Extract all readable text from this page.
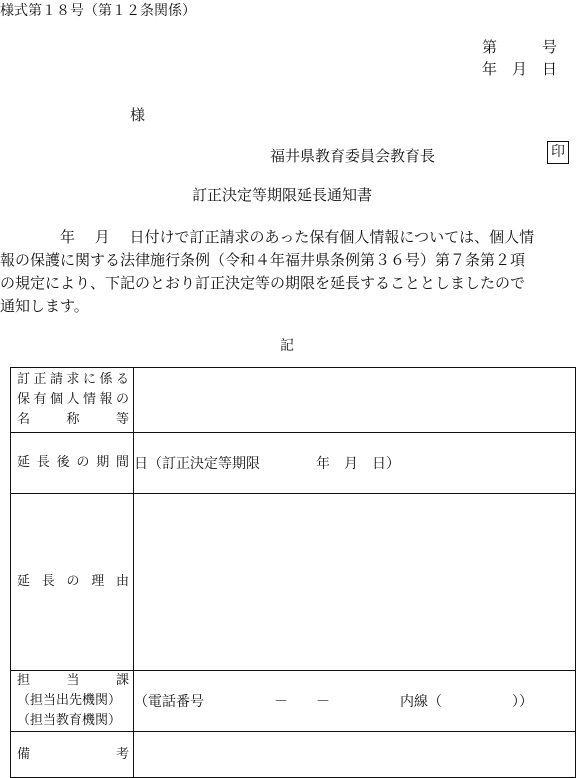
様式第１８号（第１２条関係）
第　　　号
年　月　日
様
福井県教育委員会教育長	印
訂正決定等期限延長通知書
　　　　年　 月　 日付けで訂正請求のあった保有個人情報については、個人情
報の保護に関する法律施行条例（令和４年福井県条例第３６号）第７条第２項
の規定により、下記のとおり訂正決定等の期限を延長することとしましたので
通知します。
記
訂正請求に係る
保有個人情報の
名　　称　　等	

延長後の期間	日（訂正決定等期限　　　　年　月　日）

延長の理由	

担　　当　　課
（担当出先機関）
（担当教育機関）	（電話番号　　　　　－　　－　　　　　内線（　　　　　））

備　　　　　考	
